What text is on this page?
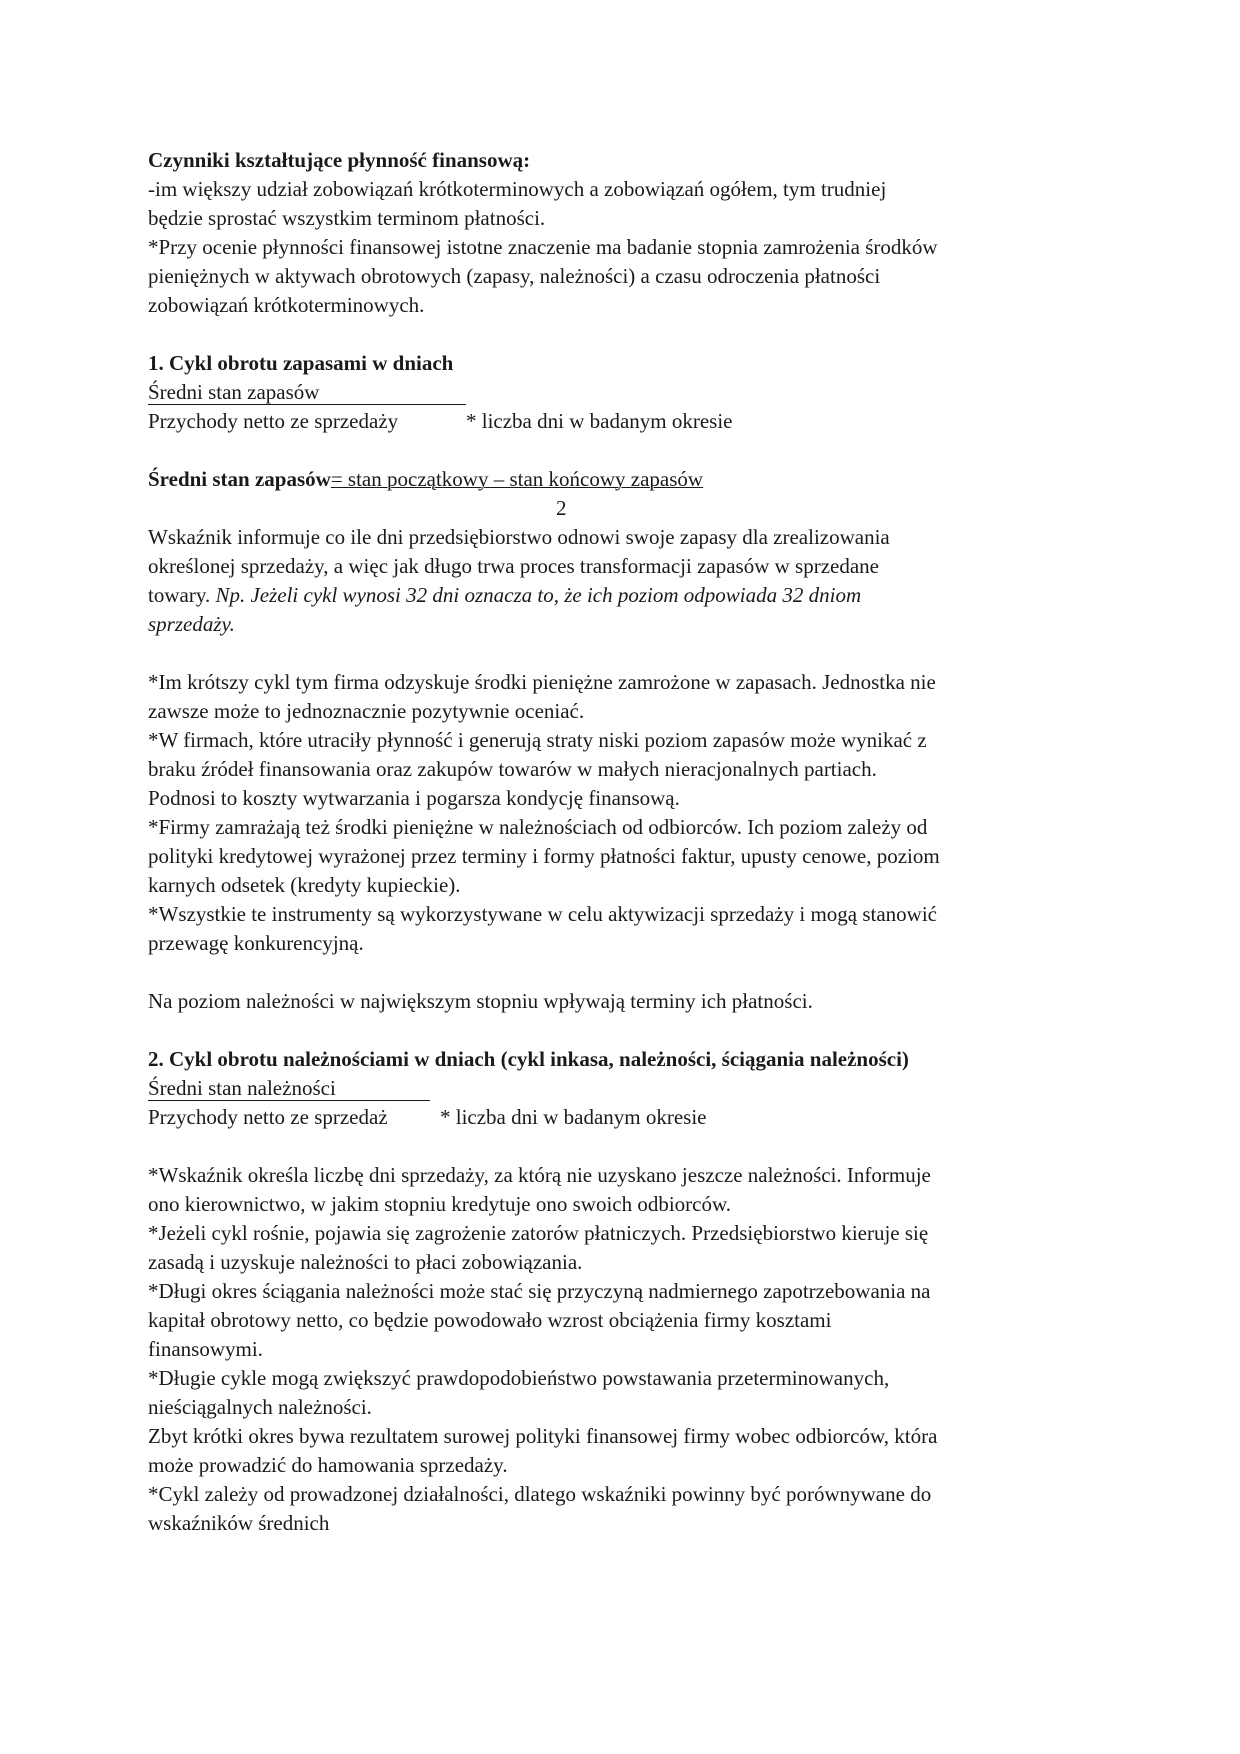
Czynniki kształtujące płynność finansową:
-im większy udział zobowiązań krótkoterminowych a zobowiązań ogółem, tym trudniej
będzie sprostać wszystkim terminom płatności.
*Przy ocenie płynności finansowej istotne znaczenie ma badanie stopnia zamrożenia środków
pieniężnych w aktywach obrotowych (zapasy, należności) a czasu odroczenia płatności
zobowiązań krótkoterminowych.
1. Cykl obrotu zapasami w dniach
Średni stan zapasów
Przychody netto ze sprzedaży	* liczba dni w badanym okresie
Średni stan zapasów= stan początkowy – stan końcowy zapasów
2
Wskaźnik informuje co ile dni przedsiębiorstwo odnowi swoje zapasy dla zrealizowania
określonej sprzedaży, a więc jak długo trwa proces transformacji zapasów w sprzedane
towary. Np. Jeżeli cykl wynosi 32 dni oznacza to, że ich poziom odpowiada 32 dniom
sprzedaży.
*Im krótszy cykl tym firma odzyskuje środki pieniężne zamrożone w zapasach. Jednostka nie
zawsze może to jednoznacznie pozytywnie oceniać.
*W firmach, które utraciły płynność i generują straty niski poziom zapasów może wynikać z
braku źródeł finansowania oraz zakupów towarów w małych nieracjonalnych partiach.
Podnosi to koszty wytwarzania i pogarsza kondycję finansową.
*Firmy zamrażają też środki pieniężne w należnościach od odbiorców. Ich poziom zależy od
polityki kredytowej wyrażonej przez terminy i formy płatności faktur, upusty cenowe, poziom
karnych odsetek (kredyty kupieckie).
*Wszystkie te instrumenty są wykorzystywane w celu aktywizacji sprzedaży i mogą stanowić
przewagę konkurencyjną.
Na poziom należności w największym stopniu wpływają terminy ich płatności.
2. Cykl obrotu należnościami w dniach (cykl inkasa, należności, ściągania należności)
Średni stan należności
Przychody netto ze sprzedaż * liczba dni w badanym okresie
*Wskaźnik określa liczbę dni sprzedaży, za którą nie uzyskano jeszcze należności. Informuje
ono kierownictwo, w jakim stopniu kredytuje ono swoich odbiorców.
*Jeżeli cykl rośnie, pojawia się zagrożenie zatorów płatniczych. Przedsiębiorstwo kieruje się
zasadą i uzyskuje należności to płaci zobowiązania.
*Długi okres ściągania należności może stać się przyczyną nadmiernego zapotrzebowania na
kapitał obrotowy netto, co będzie powodowało wzrost obciążenia firmy kosztami
finansowymi.
*Długie cykle mogą zwiększyć prawdopodobieństwo powstawania przeterminowanych,
nieściągalnych należności.
Zbyt krótki okres bywa rezultatem surowej polityki finansowej firmy wobec odbiorców, która
może prowadzić do hamowania sprzedaży.
*Cykl zależy od prowadzonej działalności, dlatego wskaźniki powinny być porównywane do
wskaźników średnich
